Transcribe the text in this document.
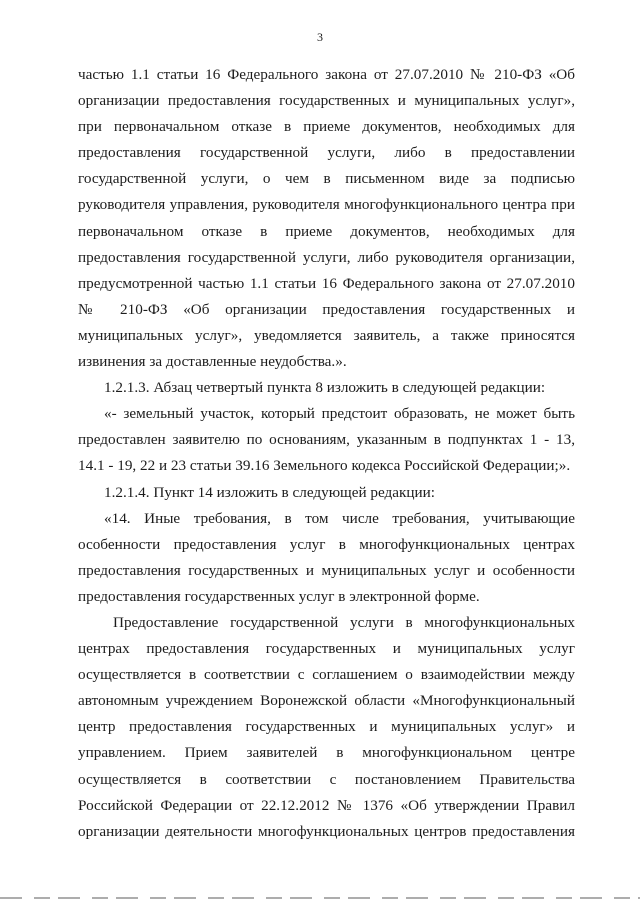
3
частью 1.1 статьи 16 Федерального закона от 27.07.2010 № 210-ФЗ «Об
организации предоставления государственных и муниципальных услуг»,
при первоначальном отказе в приеме документов, необходимых для
предоставления государственной услуги, либо в предоставлении
государственной услуги, о чем в письменном виде за подписью
руководителя управления, руководителя многофункционального центра при
первоначальном отказе в приеме документов, необходимых для
предоставления государственной услуги, либо руководителя организации,
предусмотренной частью 1.1 статьи 16 Федерального закона от 27.07.2010
№ 210-ФЗ «Об организации предоставления государственных и
муниципальных услуг», уведомляется заявитель, а также приносятся
извинения за доставленные неудобства.».
1.2.1.3. Абзац четвертый пункта 8 изложить в следующей редакции:
«- земельный участок, который предстоит образовать, не может быть
предоставлен заявителю по основаниям, указанным в подпунктах 1 - 13,
14.1 - 19, 22 и 23 статьи 39.16 Земельного кодекса Российской Федерации;».
1.2.1.4. Пункт 14 изложить в следующей редакции:
«14. Иные требования, в том числе требования, учитывающие
особенности предоставления услуг в многофункциональных центрах
предоставления государственных и муниципальных услуг и особенности
предоставления государственных услуг в электронной форме.
Предоставление государственной услуги в многофункциональных
центрах предоставления государственных и муниципальных услуг
осуществляется в соответствии с соглашением о взаимодействии между
автономным учреждением Воронежской области «Многофункциональный
центр предоставления государственных и муниципальных услуг» и
управлением. Прием заявителей в многофункциональном центре
осуществляется в соответствии с постановлением Правительства
Российской Федерации от 22.12.2012 № 1376 «Об утверждении Правил
организации деятельности многофункциональных центров предоставления
